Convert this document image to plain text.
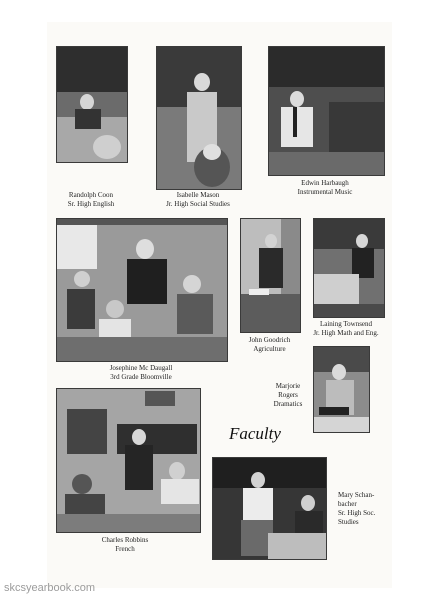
Randolph Coon
Sr. High English
Isabelle Mason
Jr. High Social Studies
Edwin Harbaugh
Instrumental Music
Josephine Mc Daugall
3rd Grade Bloomville
John Goodrich
Agriculture
Laining Townsend
Jr. High Math and Eng.
Marjorie
Rogers
Dramatics
Charles Robbins
French
Faculty
Mary Schan-
bacher
Sr. High Soc.
Studies
skcsyearbook.com
